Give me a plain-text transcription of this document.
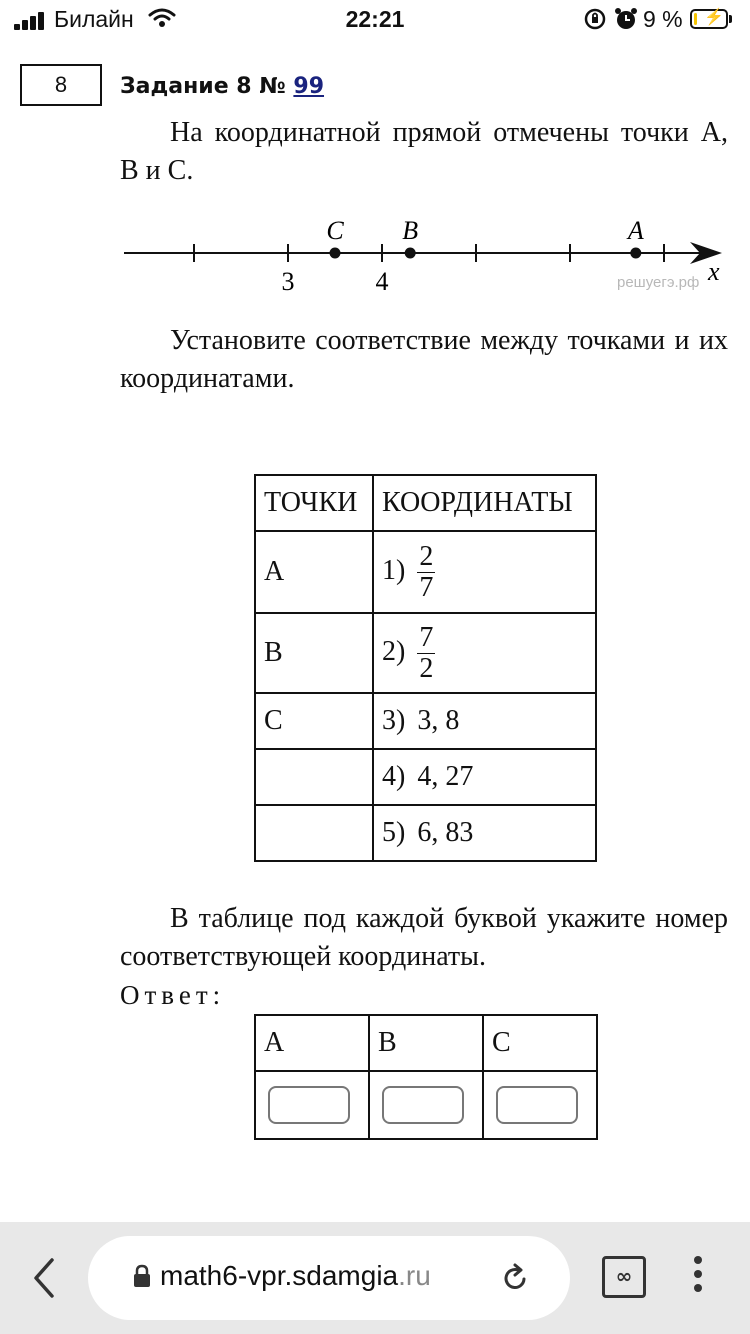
Билайн	22:21	9 % ⚡
8	Задание 8 № 99
На координатной прямой отмечены точки A, B и C.
3	4
C B	A
x
решуегэ.рф
Установите соответствие между точками и их координатами.
ТОЧКИ	КООРДИНАТЫ
A	$1) \frac{2}{7}$

B	$2) \frac{7}{2}$

C	3) 3, 8
	4) 4, 27
	5) 6, 83
В таблице под каждой буквой укажите номер соответствующей координаты.
Ответ:
A	B	C

math6-vpr.sdamgia.ru	∞
